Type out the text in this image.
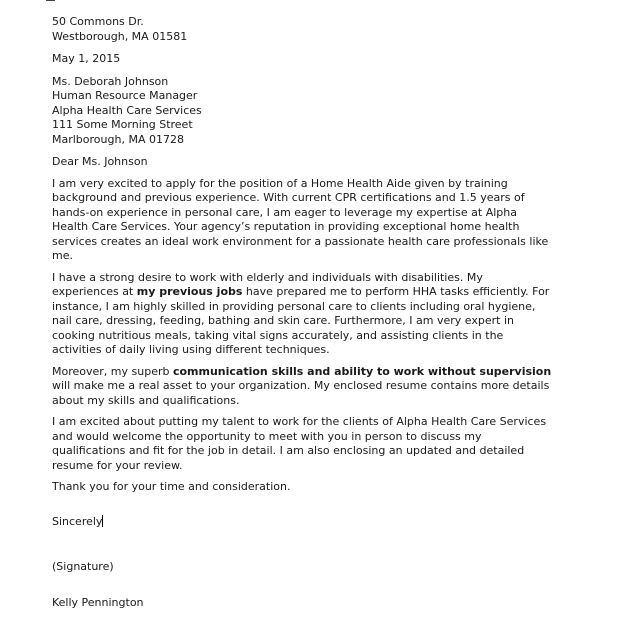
50 Commons Dr.
Westborough, MA 01581
May 1, 2015
Ms. Deborah Johnson
Human Resource Manager
Alpha Health Care Services
111 Some Morning Street
Marlborough, MA 01728
Dear Ms. Johnson

I am very excited to apply for the position of a Home Health Aide given by training background and previous experience. With current CPR certifications and 1.5 years of hands-on experience in personal care, I am eager to leverage my expertise at Alpha Health Care Services. Your agency’s reputation in providing exceptional home health services creates an ideal work environment for a passionate health care professionals like me.

I have a strong desire to work with elderly and individuals with disabilities. My experiences at my previous jobs have prepared me to perform HHA tasks efficiently. For instance, I am highly skilled in providing personal care to clients including oral hygiene, nail care, dressing, feeding, bathing and skin care. Furthermore, I am very expert in cooking nutritious meals, taking vital signs accurately, and assisting clients in the activities of daily living using different techniques.

Moreover, my superb communication skills and ability to work without supervision will make me a real asset to your organization. My enclosed resume contains more details about my skills and qualifications.

I am excited about putting my talent to work for the clients of Alpha Health Care Services and would welcome the opportunity to meet with you in person to discuss my qualifications and fit for the job in detail. I am also enclosing an updated and detailed resume for your review.

Thank you for your time and consideration.

Sincerely
(Signature)
Kelly Pennington
